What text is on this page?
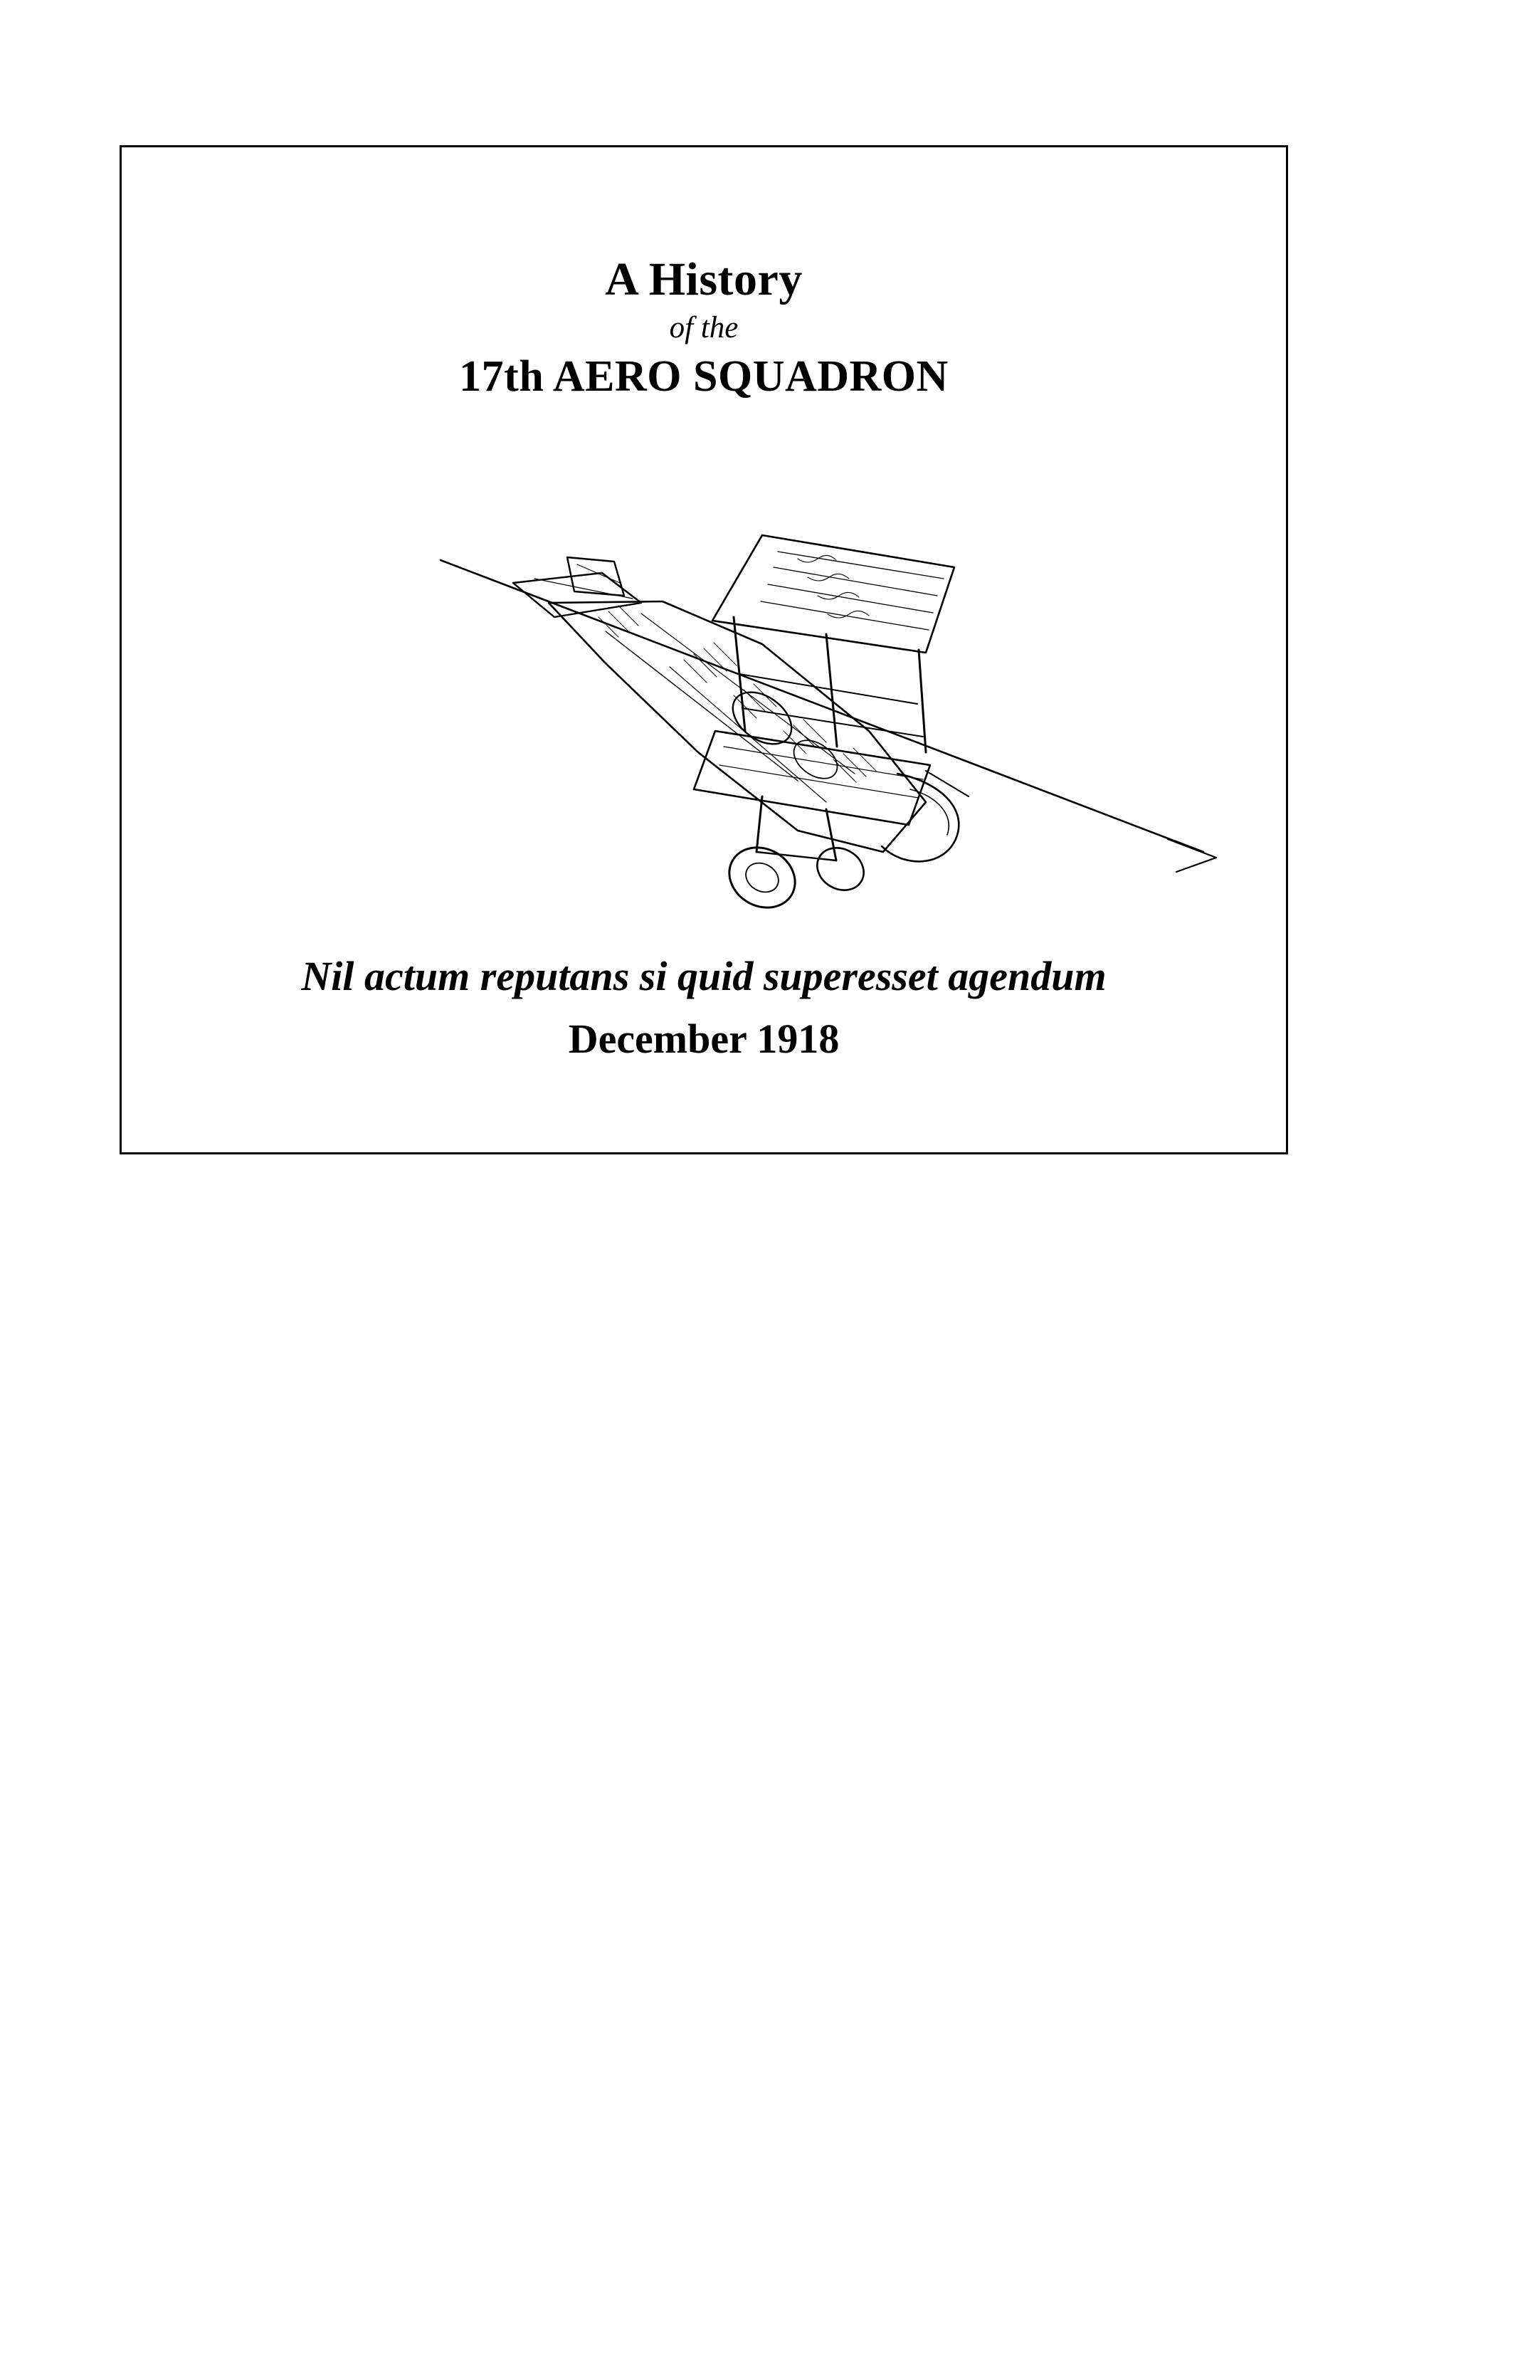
A History
of the
17th AERO SQUADRON
Nil actum reputans si quid superesset agendum
December 1918
